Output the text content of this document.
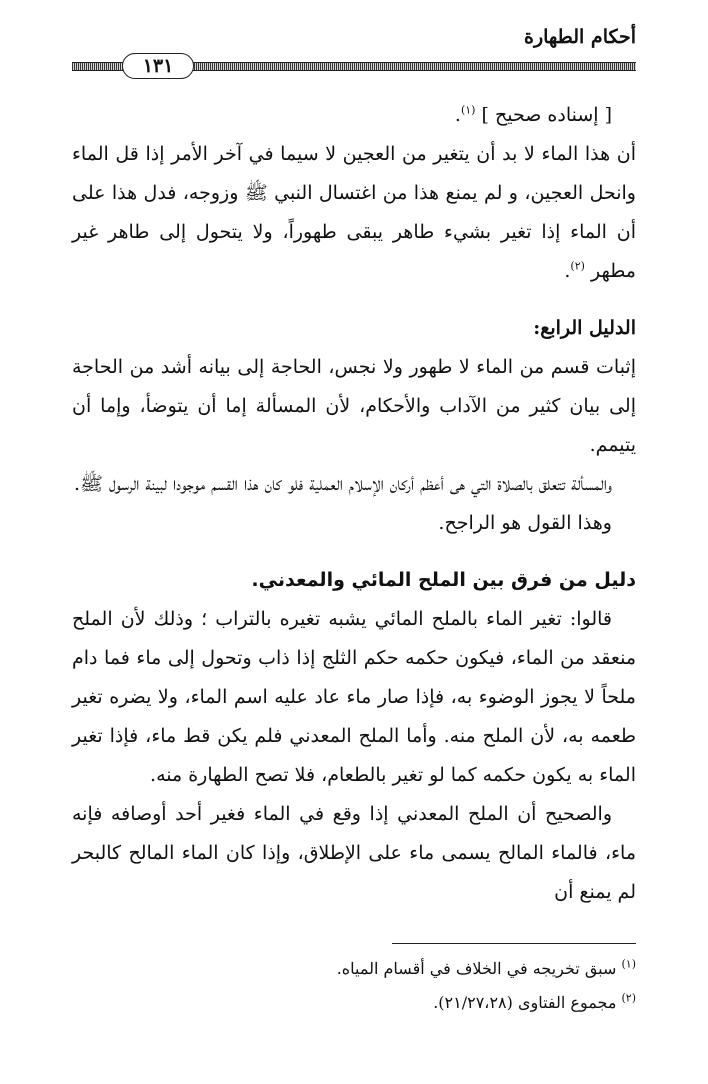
أحكام الطهارة
١٣١

[ إسناده صحيح ] $^{(١)}$.

أن هذا الماء لا بد أن يتغير من العجين لا سيما في آخر الأمر إذا قل الماء وانحل العجين، و لم يمنع هذا من اغتسال النبي ﷺ وزوجه، فدل هذا على أن الماء إذا تغير بشيء طاهر يبقى طهوراً، ولا يتحول إلى طاهر غير مطهر $^{(٢)}$.

الدليل الرابع:

إثبات قسم من الماء لا طهور ولا نجس، الحاجة إلى بيانه أشد من الحاجة إلى بيان كثير من الآداب والأحكام، لأن المسألة إما أن يتوضأ، وإما أن يتيمم.

والمسألة تتعلق بالصلاة التي هى أعظم أركان الإسلام العملية فلو كان هذا القسم موجودا لبينة الرسول ﷺ.

وهذا القول هو الراجح.

دليل من فرق بين الملح المائي والمعدني.

قالوا: تغير الماء بالملح المائي يشبه تغيره بالتراب ؛ وذلك لأن الملح منعقد من الماء، فيكون حكمه حكم الثلج إذا ذاب وتحول إلى ماء فما دام ملحاً لا يجوز الوضوء به، فإذا صار ماء عاد عليه اسم الماء، ولا يضره تغير طعمه به، لأن الملح منه. وأما الملح المعدني فلم يكن قط ماء، فإذا تغير الماء به يكون حكمه كما لو تغير بالطعام، فلا تصح الطهارة منه.

والصحيح أن الملح المعدني إذا وقع في الماء فغير أحد أوصافه فإنه ماء، فالماء المالح يسمى ماء على الإطلاق، وإذا كان الماء المالح كالبحر لم يمنع أن

$^{(١)}$ سبق تخريجه في الخلاف في أقسام المياه.

$^{(٢)}$ مجموع الفتاوى (٢١/٢٧،٢٨).
